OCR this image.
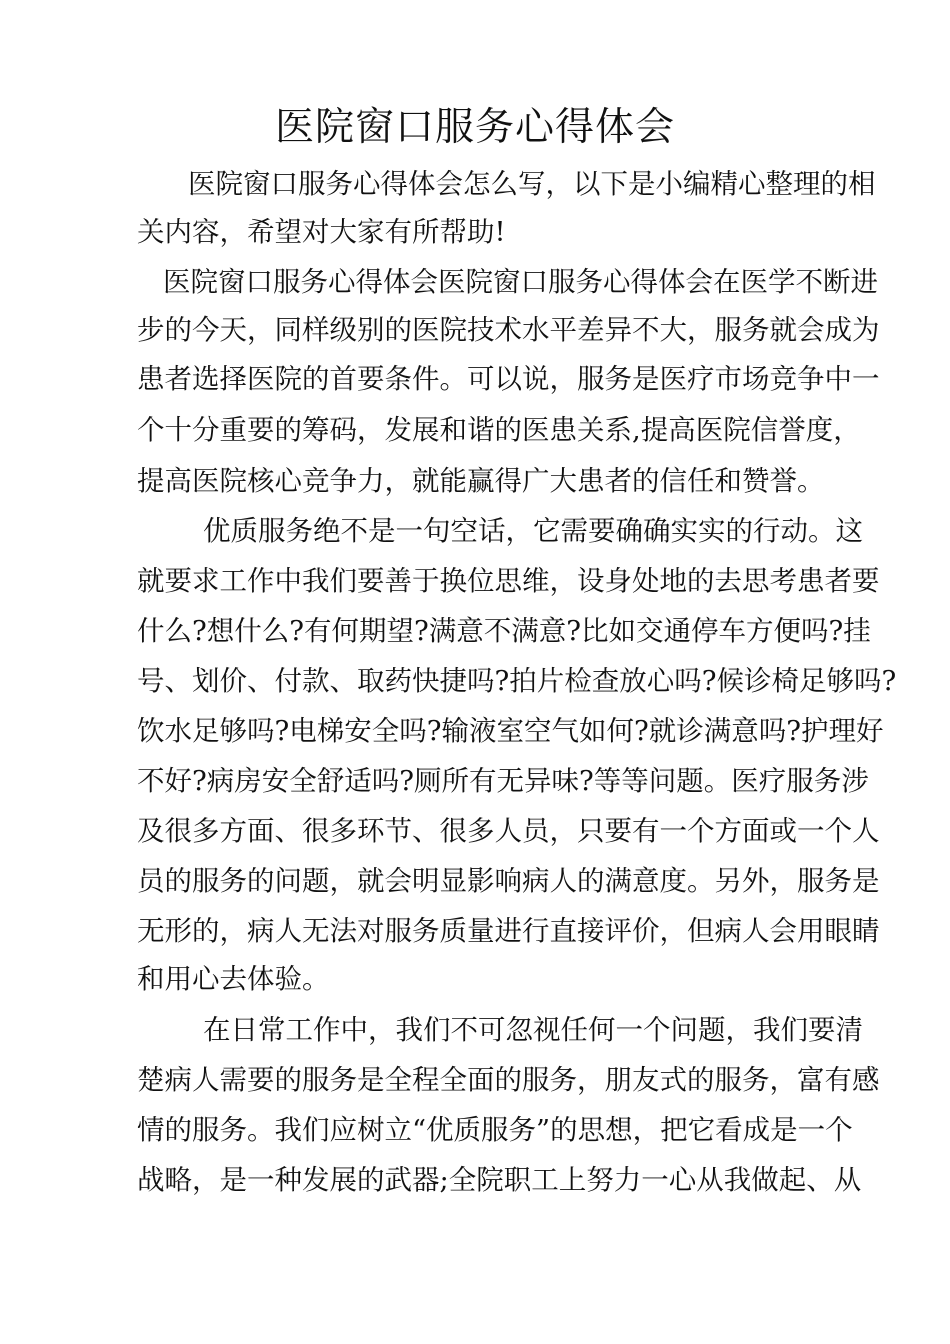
医院窗口服务心得体会
医院窗口服务心得体会怎么写，以下是小编精心整理的相
关内容，希望对大家有所帮助!
医院窗口服务心得体会医院窗口服务心得体会在医学不断进
步的今天，同样级别的医院技术水平差异不大，服务就会成为
患者选择医院的首要条件。可以说，服务是医疗市场竞争中一
个十分重要的筹码，发展和谐的医患关系,提高医院信誉度，
提高医院核心竞争力，就能赢得广大患者的信任和赞誉。
优质服务绝不是一句空话，它需要确确实实的行动。这
就要求工作中我们要善于换位思维，设身处地的去思考患者要
什么?想什么?有何期望?满意不满意?比如交通停车方便吗?挂
号、划价、付款、取药快捷吗?拍片检查放心吗?候诊椅足够吗?
饮水足够吗?电梯安全吗?输液室空气如何?就诊满意吗?护理好
不好?病房安全舒适吗?厕所有无异味?等等问题。医疗服务涉
及很多方面、很多环节、很多人员，只要有一个方面或一个人
员的服务的问题，就会明显影响病人的满意度。另外，服务是
无形的，病人无法对服务质量进行直接评价，但病人会用眼睛
和用心去体验。
在日常工作中，我们不可忽视任何一个问题，我们要清
楚病人需要的服务是全程全面的服务，朋友式的服务，富有感
情的服务。我们应树立“优质服务”的思想，把它看成是一个
战略，是一种发展的武器;全院职工上努力一心从我做起、从
